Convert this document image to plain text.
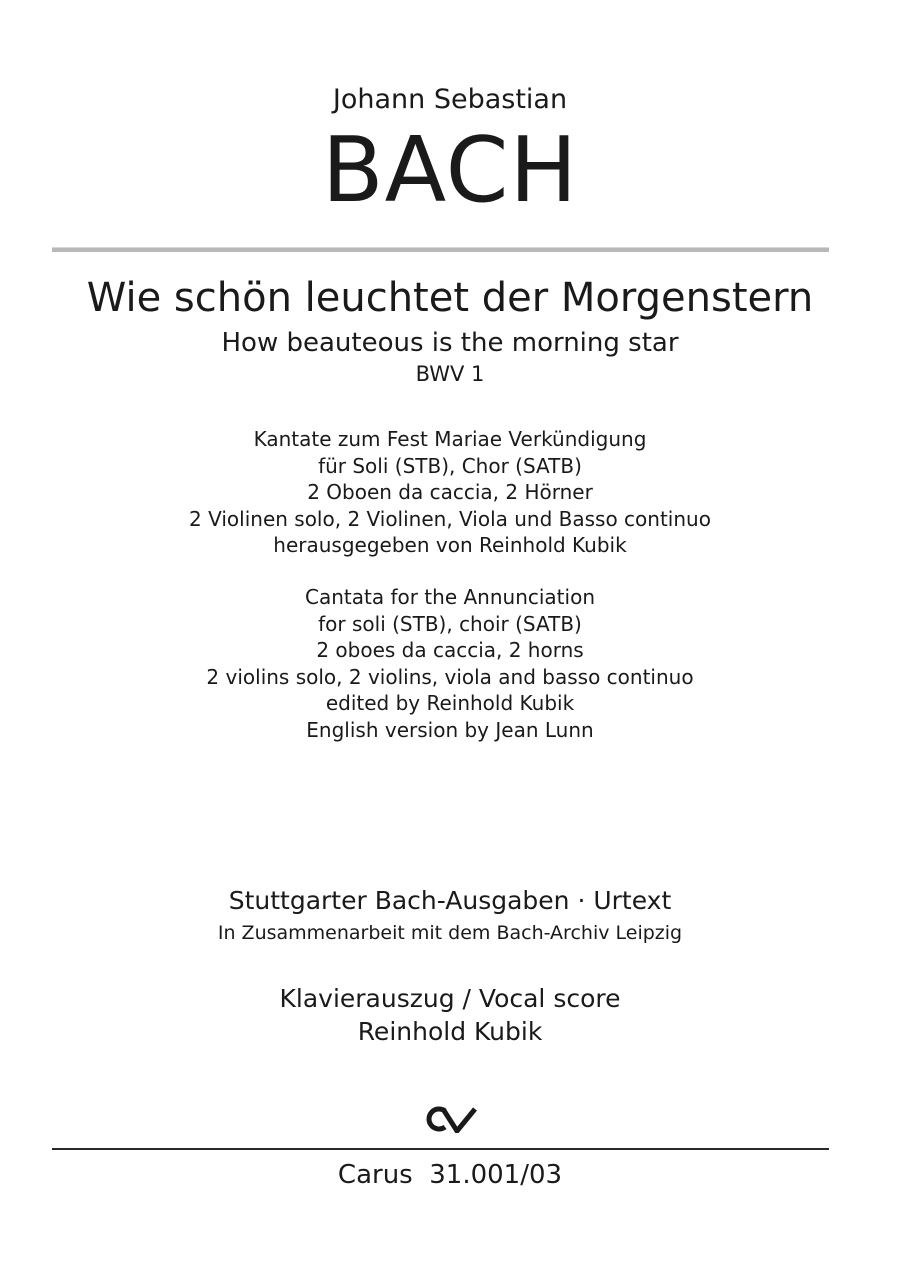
Johann Sebastian
BACH
Wie schön leuchtet der Morgenstern
How beauteous is the morning star
BWV 1
Kantate zum Fest Mariae Verkündigung
für Soli (STB), Chor (SATB)
2 Oboen da caccia, 2 Hörner
2 Violinen solo, 2 Violinen, Viola und Basso continuo
herausgegeben von Reinhold Kubik
Cantata for the Annunciation
for soli (STB), choir (SATB)
2 oboes da caccia, 2 horns
2 violins solo, 2 violins, viola and basso continuo
edited by Reinhold Kubik
English version by Jean Lunn
Stuttgarter Bach-Ausgaben · Urtext
In Zusammenarbeit mit dem Bach-Archiv Leipzig
Klavierauszug / Vocal score
Reinhold Kubik
Carus  31.001/03
